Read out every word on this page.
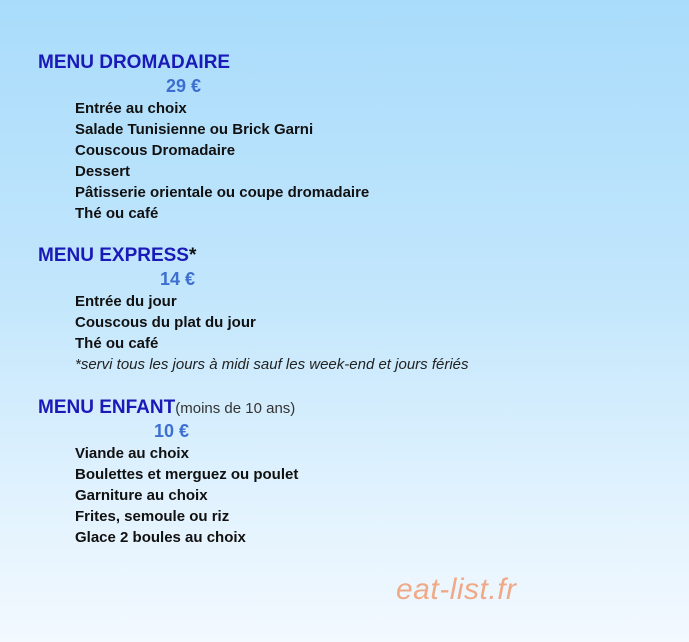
MENU DROMADAIRE
29 €
Entrée au choix
Salade Tunisienne ou Brick Garni
Couscous Dromadaire
Dessert
Pâtisserie orientale ou coupe dromadaire
Thé ou café
MENU EXPRESS*
14 €
Entrée du jour
Couscous du plat du jour
Thé ou café
*servi tous les jours à midi sauf les week-end et jours fériés
MENU ENFANT(moins de 10 ans)
10 €
Viande au choix
Boulettes et merguez ou poulet
Garniture au choix
Frites, semoule ou riz
Glace 2 boules au choix
eat-list.fr
